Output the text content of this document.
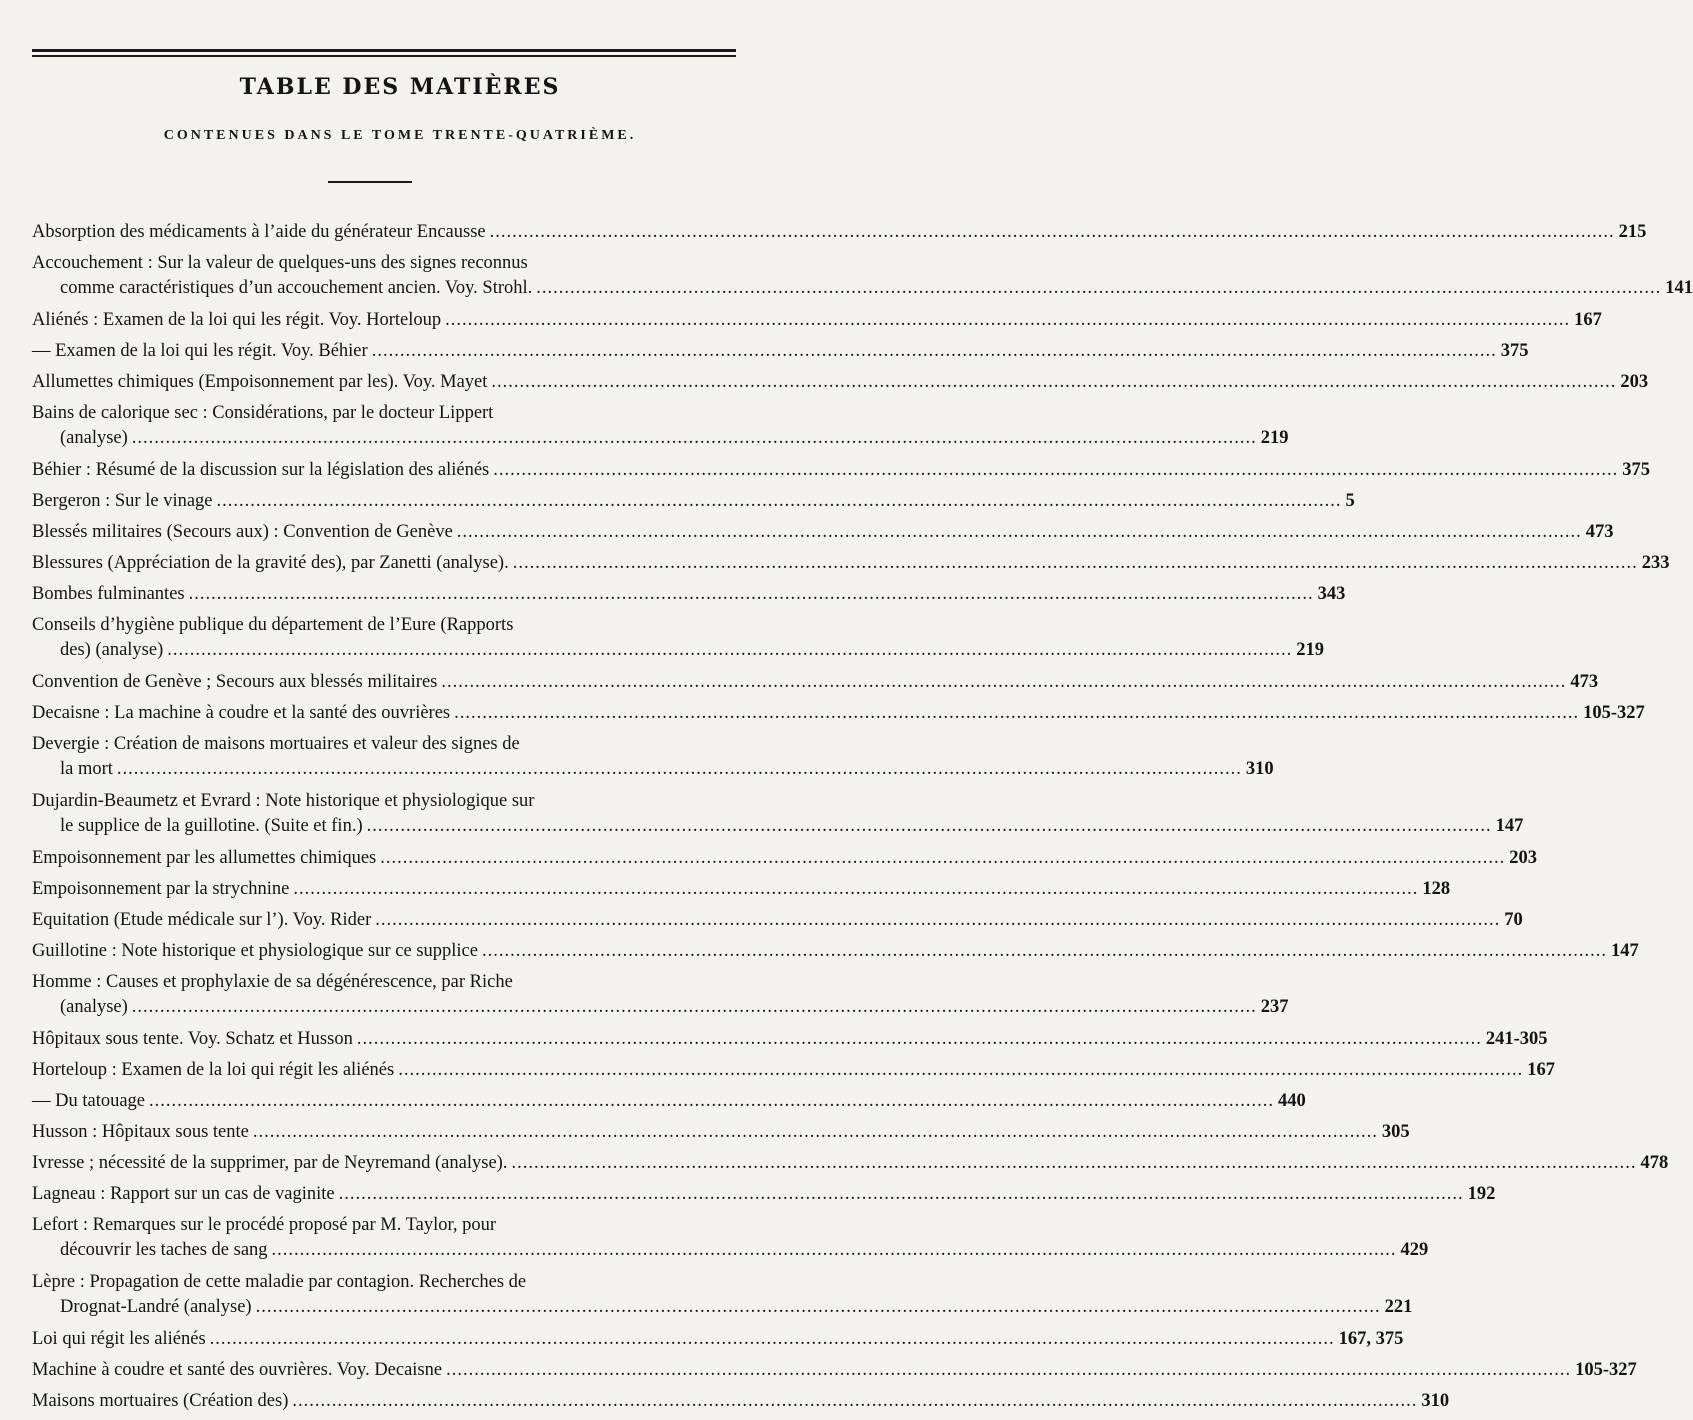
TABLE DES MATIÈRES
CONTENUES DANS LE TOME TRENTE-QUATRIÈME.
Absorption des médicaments à l’aide du générateur Encausse ........................................................................................................................................................................................................ 215
Accouchement : Sur la valeur de quelques-uns des signes reconnus
comme caractéristiques d’un accouchement ancien. Voy. Strohl. ........................................................................................................................................................................................................ 141
Aliénés : Examen de la loi qui les régit. Voy. Horteloup ........................................................................................................................................................................................................ 167
— Examen de la loi qui les régit. Voy. Béhier ........................................................................................................................................................................................................ 375
Allumettes chimiques (Empoisonnement par les). Voy. Mayet ........................................................................................................................................................................................................ 203
Bains de calorique sec : Considérations, par le docteur Lippert
(analyse) ........................................................................................................................................................................................................ 219
Béhier : Résumé de la discussion sur la législation des aliénés ........................................................................................................................................................................................................ 375
Bergeron : Sur le vinage ........................................................................................................................................................................................................ 5
Blessés militaires (Secours aux) : Convention de Genève ........................................................................................................................................................................................................ 473
Blessures (Appréciation de la gravité des), par Zanetti (analyse). ........................................................................................................................................................................................................ 233
Bombes fulminantes ........................................................................................................................................................................................................ 343
Conseils d’hygiène publique du département de l’Eure (Rapports
des) (analyse) ........................................................................................................................................................................................................ 219
Convention de Genève ; Secours aux blessés militaires ........................................................................................................................................................................................................ 473
Decaisne : La machine à coudre et la santé des ouvrières ........................................................................................................................................................................................................ 105-327
Devergie : Création de maisons mortuaires et valeur des signes de
la mort ........................................................................................................................................................................................................ 310
Dujardin-Beaumetz et Evrard : Note historique et physiologique sur
le supplice de la guillotine. (Suite et fin.) ........................................................................................................................................................................................................ 147
Empoisonnement par les allumettes chimiques ........................................................................................................................................................................................................ 203
Empoisonnement par la strychnine ........................................................................................................................................................................................................ 128
Equitation (Etude médicale sur l’). Voy. Rider ........................................................................................................................................................................................................ 70
Guillotine : Note historique et physiologique sur ce supplice ........................................................................................................................................................................................................ 147
Homme : Causes et prophylaxie de sa dégénérescence, par Riche
(analyse) ........................................................................................................................................................................................................ 237
Hôpitaux sous tente. Voy. Schatz et Husson ........................................................................................................................................................................................................ 241-305
Horteloup : Examen de la loi qui régit les aliénés ........................................................................................................................................................................................................ 167
— Du tatouage ........................................................................................................................................................................................................ 440
Husson : Hôpitaux sous tente ........................................................................................................................................................................................................ 305
Ivresse ; nécessité de la supprimer, par de Neyremand (analyse). ........................................................................................................................................................................................................ 478
Lagneau : Rapport sur un cas de vaginite ........................................................................................................................................................................................................ 192
Lefort : Remarques sur le procédé proposé par M. Taylor, pour
découvrir les taches de sang ........................................................................................................................................................................................................ 429
Lèpre : Propagation de cette maladie par contagion. Recherches de
Drognat-Landré (analyse) ........................................................................................................................................................................................................ 221
Loi qui régit les aliénés ........................................................................................................................................................................................................ 167, 375
Machine à coudre et santé des ouvrières. Voy. Decaisne ........................................................................................................................................................................................................ 105-327
Maisons mortuaires (Création des) ........................................................................................................................................................................................................ 310
